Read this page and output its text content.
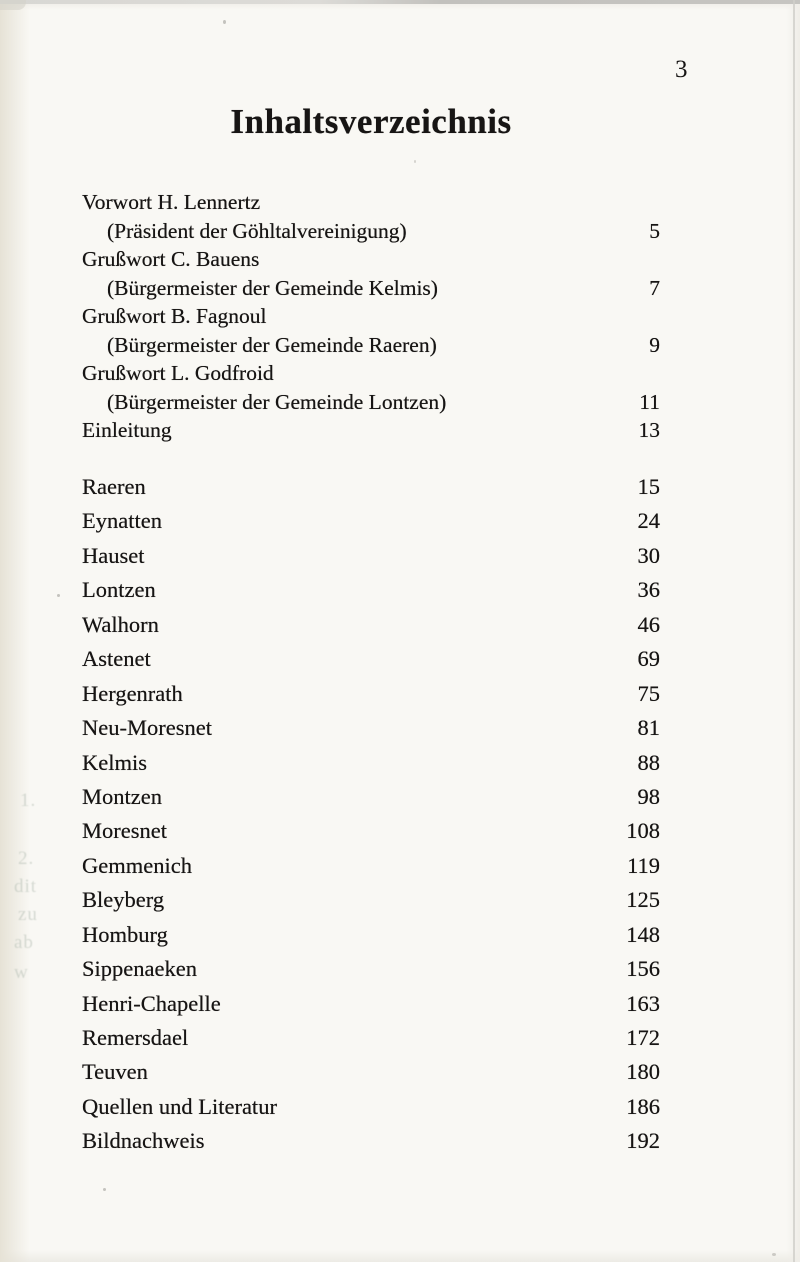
3
Inhaltsverzeichnis
Vorwort H. Lennertz
(Präsident der Göhltalvereinigung)	5
Grußwort C. Bauens
(Bürgermeister der Gemeinde Kelmis)	7
Grußwort B. Fagnoul
(Bürgermeister der Gemeinde Raeren)	9
Grußwort L. Godfroid
(Bürgermeister der Gemeinde Lontzen)	11
Einleitung	13
Raeren	15
Eynatten	24
Hauset	30
Lontzen	36
Walhorn	46
Astenet	69
Hergenrath	75
Neu-Moresnet	81
Kelmis	88
Montzen	98
Moresnet	108
Gemmenich	119
Bleyberg	125
Homburg	148
Sippenaeken	156
Henri-Chapelle	163
Remersdael	172
Teuven	180
Quellen und Literatur	186
Bildnachweis	192
1.
2.
dit
zu
ab
w
